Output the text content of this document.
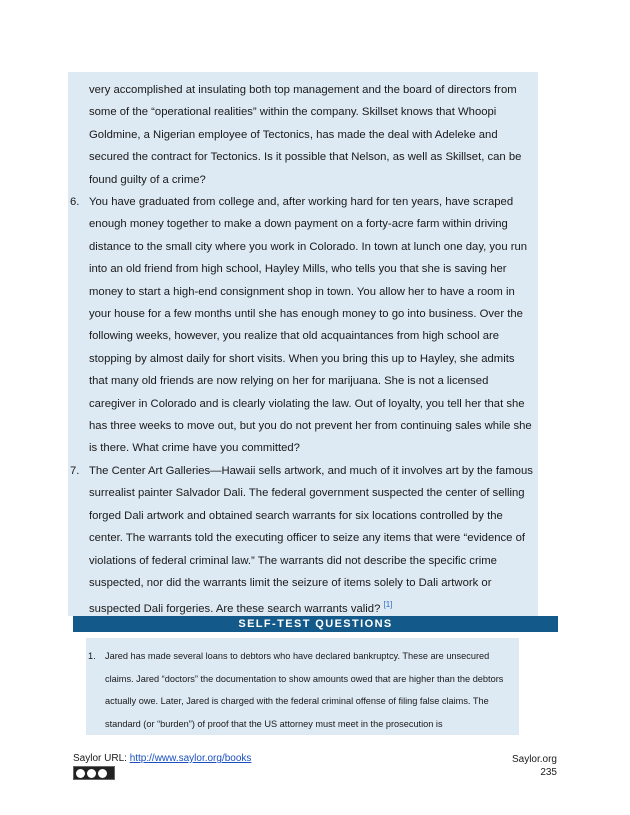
very accomplished at insulating both top management and the board of directors from some of the “operational realities” within the company. Skillset knows that Whoopi Goldmine, a Nigerian employee of Tectonics, has made the deal with Adeleke and secured the contract for Tectonics. Is it possible that Nelson, as well as Skillset, can be found guilty of a crime?
6. You have graduated from college and, after working hard for ten years, have scraped enough money together to make a down payment on a forty-acre farm within driving distance to the small city where you work in Colorado. In town at lunch one day, you run into an old friend from high school, Hayley Mills, who tells you that she is saving her money to start a high-end consignment shop in town. You allow her to have a room in your house for a few months until she has enough money to go into business. Over the following weeks, however, you realize that old acquaintances from high school are stopping by almost daily for short visits. When you bring this up to Hayley, she admits that many old friends are now relying on her for marijuana. She is not a licensed caregiver in Colorado and is clearly violating the law. Out of loyalty, you tell her that she has three weeks to move out, but you do not prevent her from continuing sales while she is there. What crime have you committed?
7. The Center Art Galleries—Hawaii sells artwork, and much of it involves art by the famous surrealist painter Salvador Dali. The federal government suspected the center of selling forged Dali artwork and obtained search warrants for six locations controlled by the center. The warrants told the executing officer to seize any items that were “evidence of violations of federal criminal law.” The warrants did not describe the specific crime suspected, nor did the warrants limit the seizure of items solely to Dali artwork or suspected Dali forgeries. Are these search warrants valid? [1]
SELF-TEST QUESTIONS
1. Jared has made several loans to debtors who have declared bankruptcy. These are unsecured claims. Jared “doctors” the documentation to show amounts owed that are higher than the debtors actually owe. Later, Jared is charged with the federal criminal offense of filing false claims. The standard (or “burden”) of proof that the US attorney must meet in the prosecution is
Saylor URL: http://www.saylor.org/books	Saylor.org
235
